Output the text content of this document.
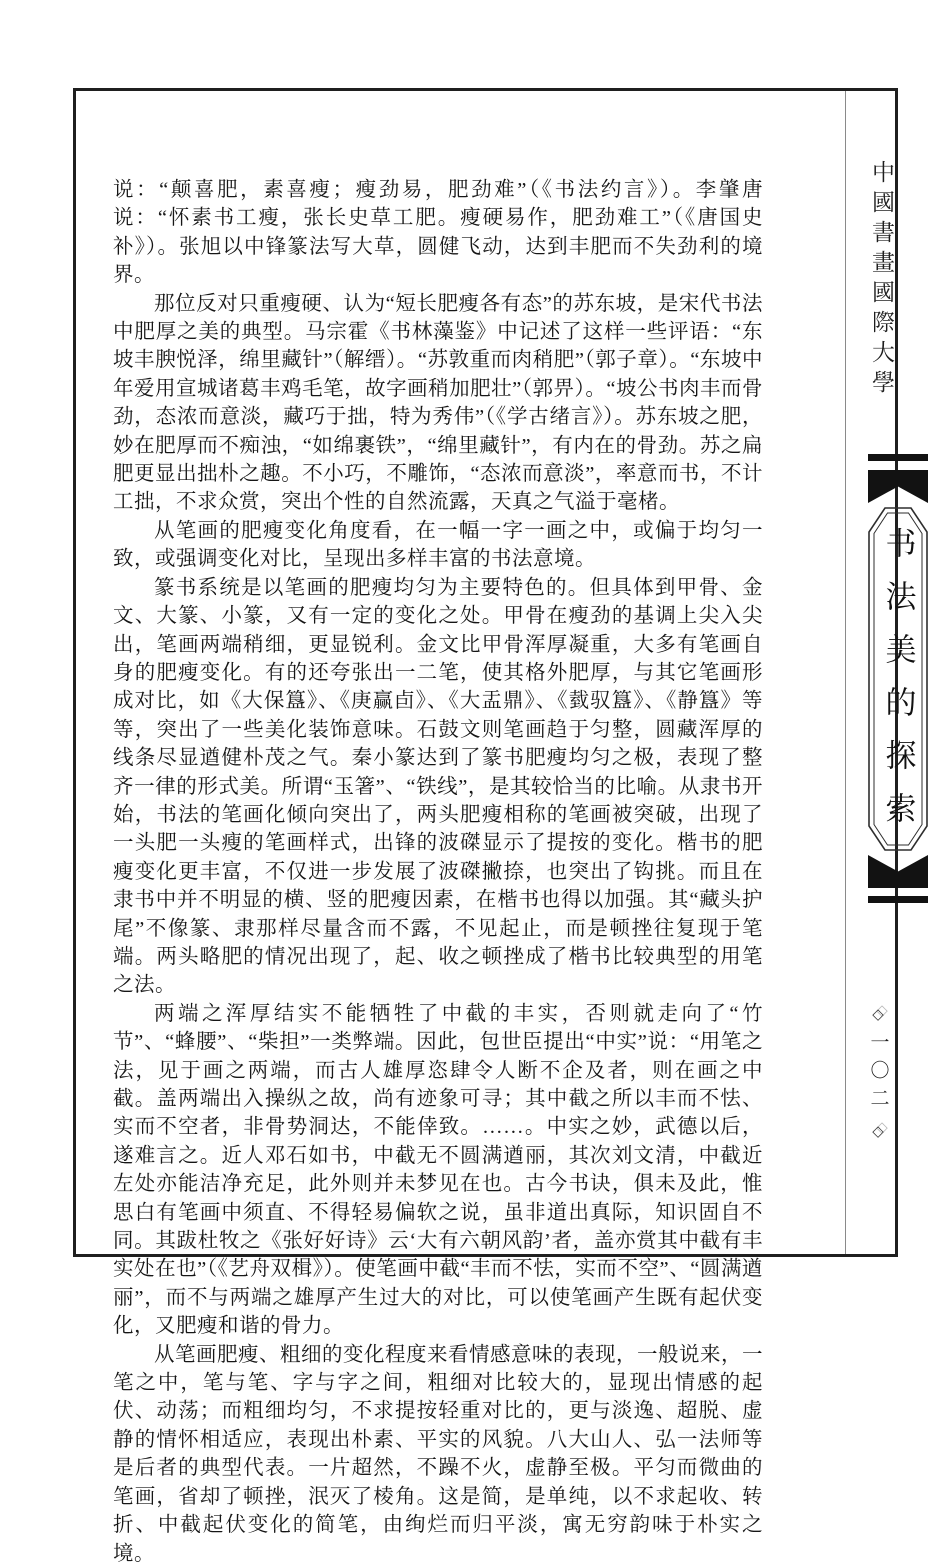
说：“颠喜肥，素喜瘦；瘦劲易，肥劲难”（《书法约言》）。李肇唐说：“怀素书工瘦，张长史草工肥。瘦硬易作，肥劲难工”（《唐国史补》）。张旭以中锋篆法写大草，圆健飞动，达到丰肥而不失劲利的境界。

那位反对只重瘦硬、认为“短长肥瘦各有态”的苏东坡，是宋代书法中肥厚之美的典型。马宗霍《书林藻鉴》中记述了这样一些评语：“东坡丰腴悦泽，绵里藏针”（解缙）。“苏敦重而肉稍肥”（郭子章）。“东坡中年爱用宣城诸葛丰鸡毛笔，故字画稍加肥壮”（郭畀）。“坡公书肉丰而骨劲，态浓而意淡，藏巧于拙，特为秀伟”（《学古绪言》）。苏东坡之肥，妙在肥厚而不痴浊，“如绵裹铁”，“绵里藏针”，有内在的骨劲。苏之扁肥更显出拙朴之趣。不小巧，不雕饰，“态浓而意淡”，率意而书，不计工拙，不求众赏，突出个性的自然流露，天真之气溢于毫楮。

从笔画的肥瘦变化角度看，在一幅一字一画之中，或偏于均匀一致，或强调变化对比，呈现出多样丰富的书法意境。

篆书系统是以笔画的肥瘦均匀为主要特色的。但具体到甲骨、金文、大篆、小篆，又有一定的变化之处。甲骨在瘦劲的基调上尖入尖出，笔画两端稍细，更显锐利。金文比甲骨浑厚凝重，大多有笔画自身的肥瘦变化。有的还夸张出一二笔，使其格外肥厚，与其它笔画形成对比，如《大保簋》、《庚赢卣》、《大盂鼎》、《臷驭簋》、《静簋》等等，突出了一些美化装饰意味。石鼓文则笔画趋于匀整，圆藏浑厚的线条尽显遒健朴茂之气。秦小篆达到了篆书肥瘦均匀之极，表现了整齐一律的形式美。所谓“玉箸”、“铁线”，是其较恰当的比喻。从隶书开始，书法的笔画化倾向突出了，两头肥瘦相称的笔画被突破，出现了一头肥一头瘦的笔画样式，出锋的波磔显示了提按的变化。楷书的肥瘦变化更丰富，不仅进一步发展了波磔撇捺，也突出了钩挑。而且在隶书中并不明显的横、竖的肥瘦因素，在楷书也得以加强。其“藏头护尾”不像篆、隶那样尽量含而不露，不见起止，而是顿挫往复现于笔端。两头略肥的情况出现了，起、收之顿挫成了楷书比较典型的用笔之法。

两端之浑厚结实不能牺牲了中截的丰实，否则就走向了“竹节”、“蜂腰”、“柴担”一类弊端。因此，包世臣提出“中实”说：“用笔之法，见于画之两端，而古人雄厚恣肆令人断不企及者，则在画之中截。盖两端出入操纵之故，尚有迹象可寻；其中截之所以丰而不怯、实而不空者，非骨势洞达，不能倖致。……。中实之妙，武德以后，遂难言之。近人邓石如书，中截无不圆满遒丽，其次刘文清，中截近左处亦能洁净充足，此外则并未梦见在也。古今书诀，俱未及此，惟思白有笔画中须直、不得轻易偏软之说，虽非道出真际，知识固自不同。其跋杜牧之《张好好诗》云‘大有六朝风韵’者，盖亦赏其中截有丰实处在也”（《艺舟双楫》）。使笔画中截“丰而不怯，实而不空”、“圆满遒丽”，而不与两端之雄厚产生过大的对比，可以使笔画产生既有起伏变化，又肥瘦和谐的骨力。

从笔画肥瘦、粗细的变化程度来看情感意味的表现，一般说来，一笔之中，笔与笔、字与字之间，粗细对比较大的，显现出情感的起伏、动荡；而粗细均匀，不求提按轻重对比的，更与淡逸、超脱、虚静的情怀相适应，表现出朴素、平实的风貌。八大山人、弘一法师等是后者的典型代表。一片超然，不躁不火，虚静至极。平匀而微曲的笔画，省却了顿挫，泯灭了棱角。这是简，是单纯，以不求起收、转折、中截起伏变化的简笔，由绚烂而归平淡，寓无穷韵味于朴实之境。

中國書畫國際大學
书法美的探索
◇
一〇二
◇
